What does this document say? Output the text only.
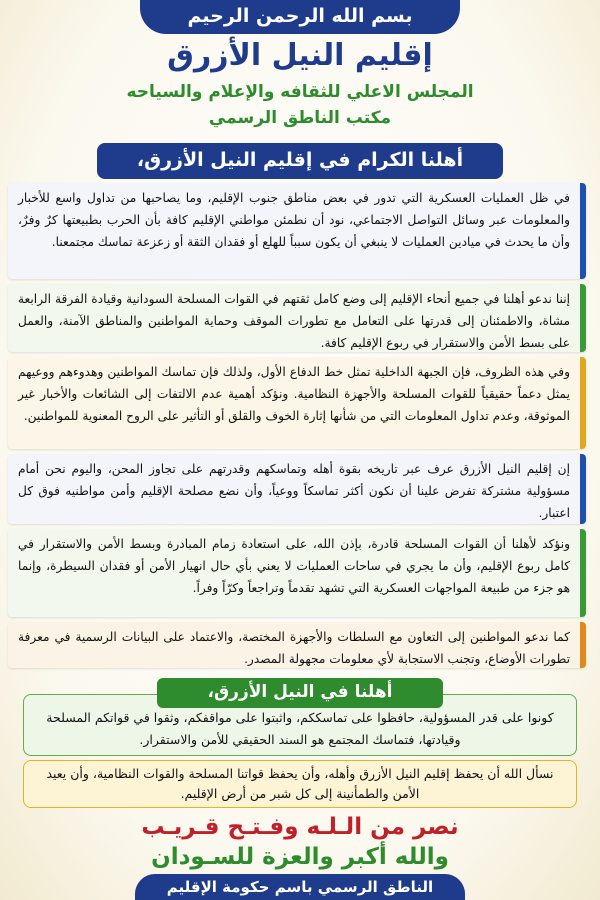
بسم الله الرحمن الرحيم
إقليم النيل الأزرق
المجلس الاعلي للثقافه والإعلام والسياحه
مكتب الناطق الرسمي
أهلنا الكرام في إقليم النيل الأزرق،
في ظل العمليات العسكرية التي تدور في بعض مناطق جنوب الإقليم، وما يصاحبها من تداول واسع للأخبار والمعلومات عبر وسائل التواصل الاجتماعي، نود أن نطمئن مواطني الإقليم كافة بأن الحرب بطبيعتها كرٌ وفرٌ، وأن ما يحدث في ميادين العمليات لا ينبغي أن يكون سبباً للهلع أو فقدان الثقة أو زعزعة تماسك مجتمعنا.
إننا ندعو أهلنا في جميع أنحاء الإقليم إلى وضع كامل ثقتهم في القوات المسلحة السودانية وقيادة الفرقة الرابعة مشاة، والاطمئنان إلى قدرتها على التعامل مع تطورات الموقف وحماية المواطنين والمناطق الآمنة، والعمل على بسط الأمن والاستقرار في ربوع الإقليم كافة.
وفي هذه الظروف، فإن الجبهة الداخلية تمثل خط الدفاع الأول، ولذلك فإن تماسك المواطنين وهدوءهم ووعيهم يمثل دعماً حقيقياً للقوات المسلحة والأجهزة النظامية. ونؤكد أهمية عدم الالتفات إلى الشائعات والأخبار غير الموثوقة، وعدم تداول المعلومات التي من شأنها إثارة الخوف والقلق أو التأثير على الروح المعنوية للمواطنين.
إن إقليم النيل الأزرق عرف عبر تاريخه بقوة أهله وتماسكهم وقدرتهم على تجاوز المحن، واليوم نحن أمام مسؤولية مشتركة تفرض علينا أن نكون أكثر تماسكاً ووعياً، وأن نضع مصلحة الإقليم وأمن مواطنيه فوق كل اعتبار.
ونؤكد لأهلنا أن القوات المسلحة قادرة، بإذن الله، على استعادة زمام المبادرة وبسط الأمن والاستقرار في كامل ربوع الإقليم، وأن ما يجري في ساحات العمليات لا يعني بأي حال انهيار الأمن أو فقدان السيطرة، وإنما هو جزء من طبيعة المواجهات العسكرية التي تشهد تقدماً وتراجعاً وكرّاً وفراً.
كما ندعو المواطنين إلى التعاون مع السلطات والأجهزة المختصة، والاعتماد على البيانات الرسمية في معرفة تطورات الأوضاع، وتجنب الاستجابة لأي معلومات مجهولة المصدر.
كونوا على قدر المسؤولية، حافظوا على تماسككم، واثبتوا على مواقفكم، وثقوا في قواتكم المسلحة وقيادتها، فتماسك المجتمع هو السند الحقيقي للأمن والاستقرار.
أهلنا في النيل الأزرق،
نسأل الله أن يحفظ إقليم النيل الأزرق وأهله، وأن يحفظ قواتنا المسلحة والقوات النظامية، وأن يعيد الأمن والطمأنينة إلى كل شبر من أرض الإقليم.
نصر من الـلـه وفـتـح قـريـب
والله أكبر والعزة للسـودان
الناطق الرسمي باسم حكومة الإقليم
